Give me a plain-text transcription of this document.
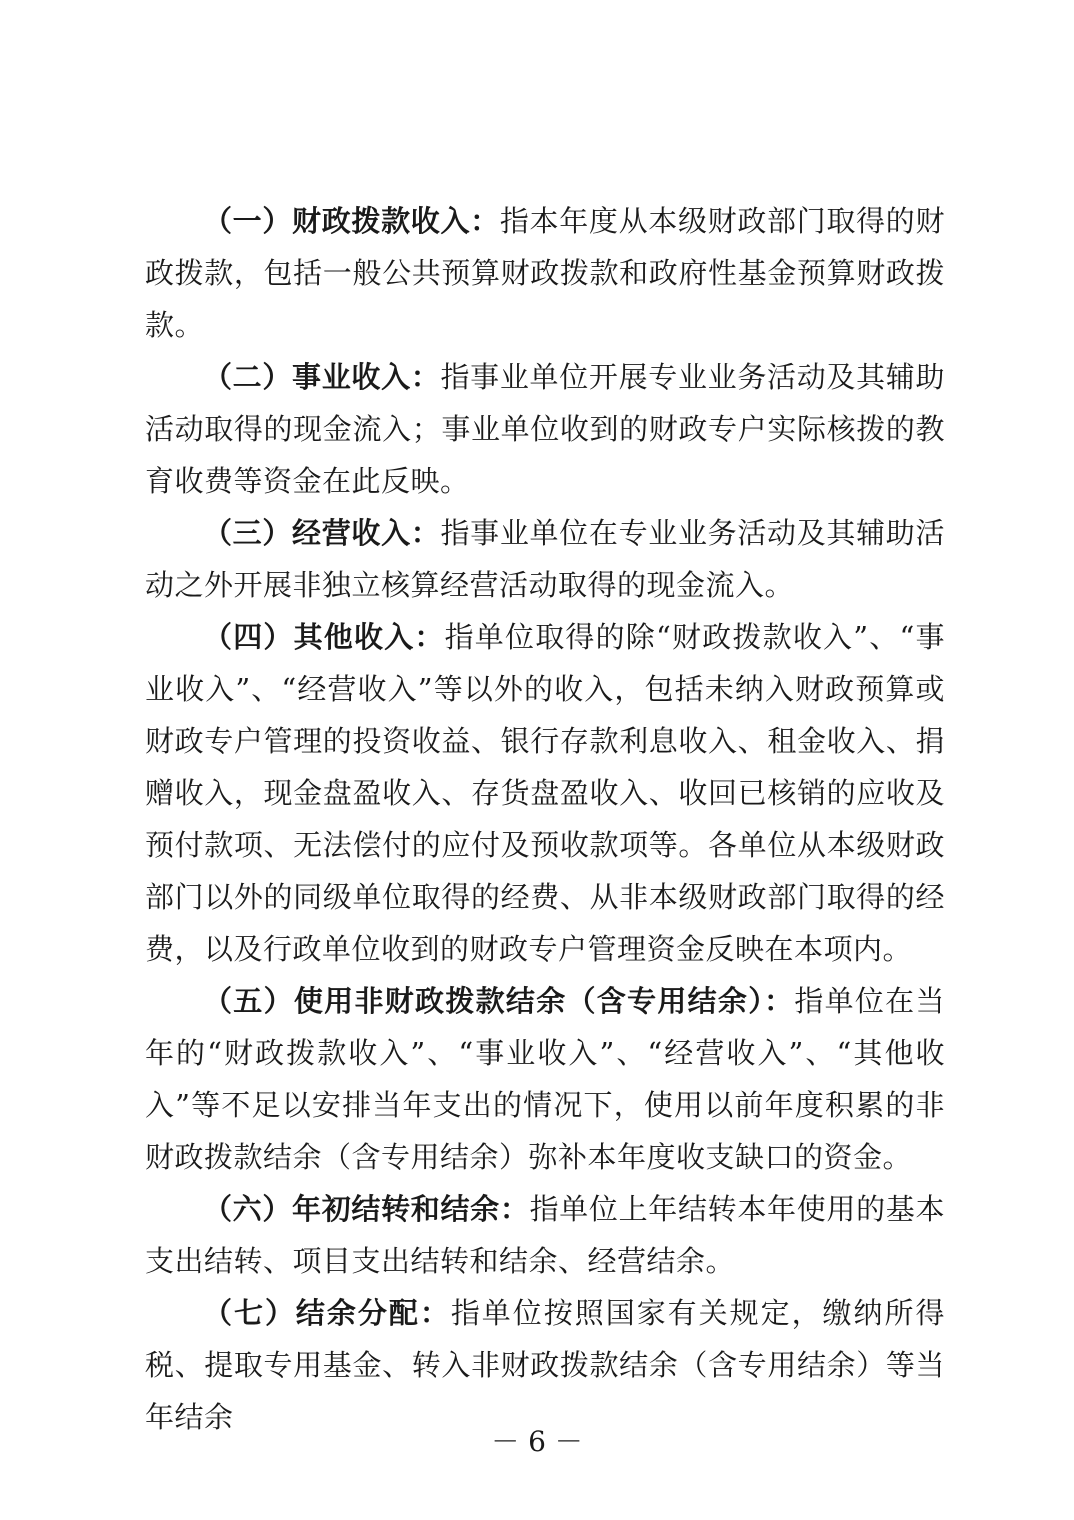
（一）财政拨款收入：指本年度从本级财政部门取得的财政拨款，包括一般公共预算财政拨款和政府性基金预算财政拨款。

（二）事业收入：指事业单位开展专业业务活动及其辅助活动取得的现金流入；事业单位收到的财政专户实际核拨的教育收费等资金在此反映。

（三）经营收入：指事业单位在专业业务活动及其辅助活动之外开展非独立核算经营活动取得的现金流入。

（四）其他收入：指单位取得的除“财政拨款收入”、“事业收入”、“经营收入”等以外的收入，包括未纳入财政预算或财政专户管理的投资收益、银行存款利息收入、租金收入、捐赠收入，现金盘盈收入、存货盘盈收入、收回已核销的应收及预付款项、无法偿付的应付及预收款项等。各单位从本级财政部门以外的同级单位取得的经费、从非本级财政部门取得的经费，以及行政单位收到的财政专户管理资金反映在本项内。

（五）使用非财政拨款结余（含专用结余）：指单位在当年的“财政拨款收入”、“事业收入”、“经营收入”、“其他收入”等不足以安排当年支出的情况下，使用以前年度积累的非财政拨款结余（含专用结余）弥补本年度收支缺口的资金。

（六）年初结转和结余：指单位上年结转本年使用的基本支出结转、项目支出结转和结余、经营结余。

（七）结余分配：指单位按照国家有关规定，缴纳所得税、提取专用基金、转入非财政拨款结余（含专用结余）等当年结余

－ 6 －
